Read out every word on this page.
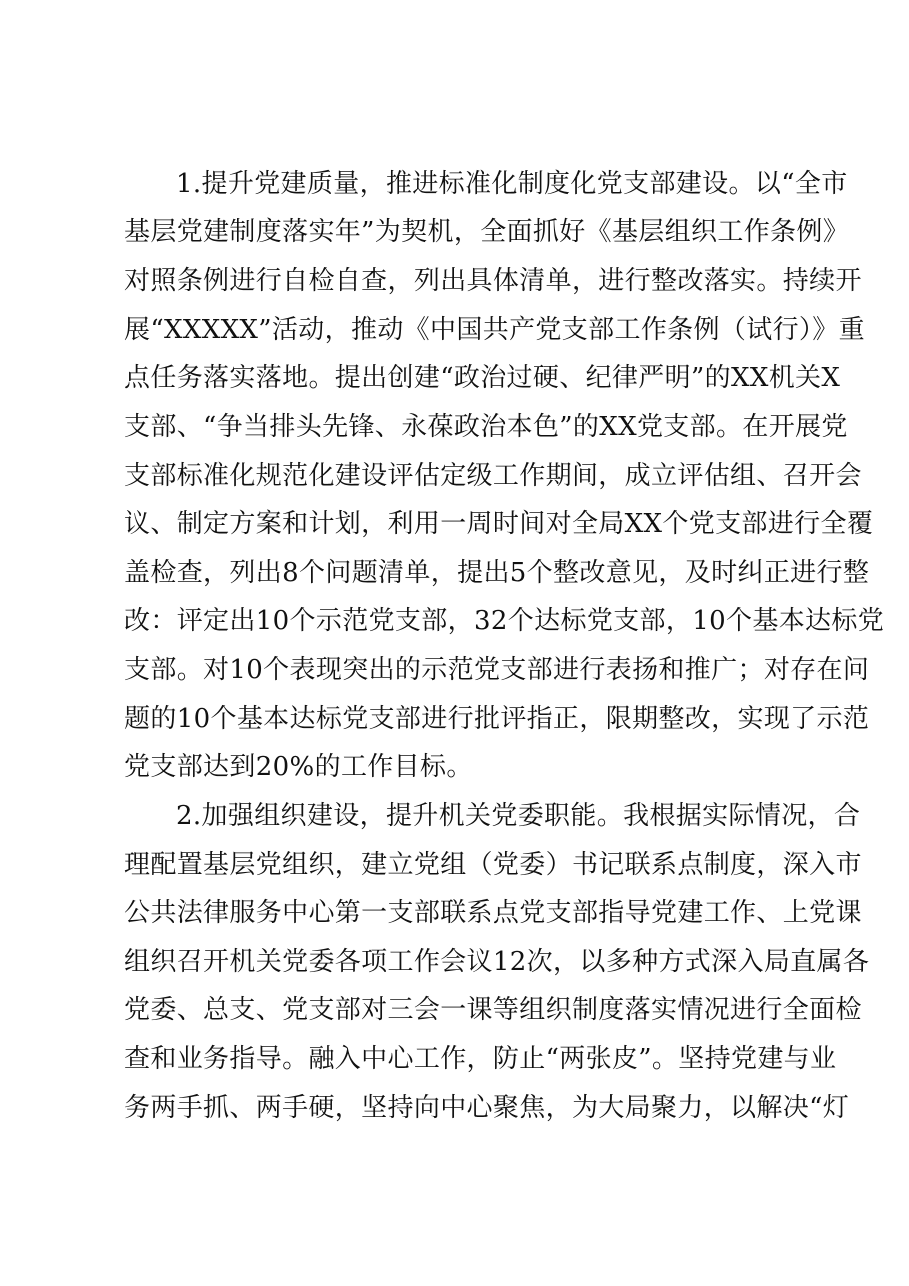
1.提升党建质量，推进标准化制度化党支部建设。以“全市

基层党建制度落实年”为契机，全面抓好《基层组织工作条例》

对照条例进行自检自查，列出具体清单，进行整改落实。持续开

展“XXXXX”活动，推动《中国共产党支部工作条例（试行）》重

点任务落实落地。提出创建“政治过硬、纪律严明”的XX机关X

支部、“争当排头先锋、永葆政治本色”的XX党支部。在开展党

支部标准化规范化建设评估定级工作期间，成立评估组、召开会

议、制定方案和计划，利用一周时间对全局XX个党支部进行全覆

盖检查，列出8个问题清单，提出5个整改意见，及时纠正进行整

改：评定出10个示范党支部，32个达标党支部，10个基本达标党

支部。对10个表现突出的示范党支部进行表扬和推广；对存在问

题的10个基本达标党支部进行批评指正，限期整改，实现了示范

党支部达到20%的工作目标。

2.加强组织建设，提升机关党委职能。我根据实际情况，合

理配置基层党组织，建立党组（党委）书记联系点制度，深入市

公共法律服务中心第一支部联系点党支部指导党建工作、上党课

组织召开机关党委各项工作会议12次，以多种方式深入局直属各

党委、总支、党支部对三会一课等组织制度落实情况进行全面检

查和业务指导。融入中心工作，防止“两张皮”。坚持党建与业

务两手抓、两手硬，坚持向中心聚焦，为大局聚力，以解决“灯
